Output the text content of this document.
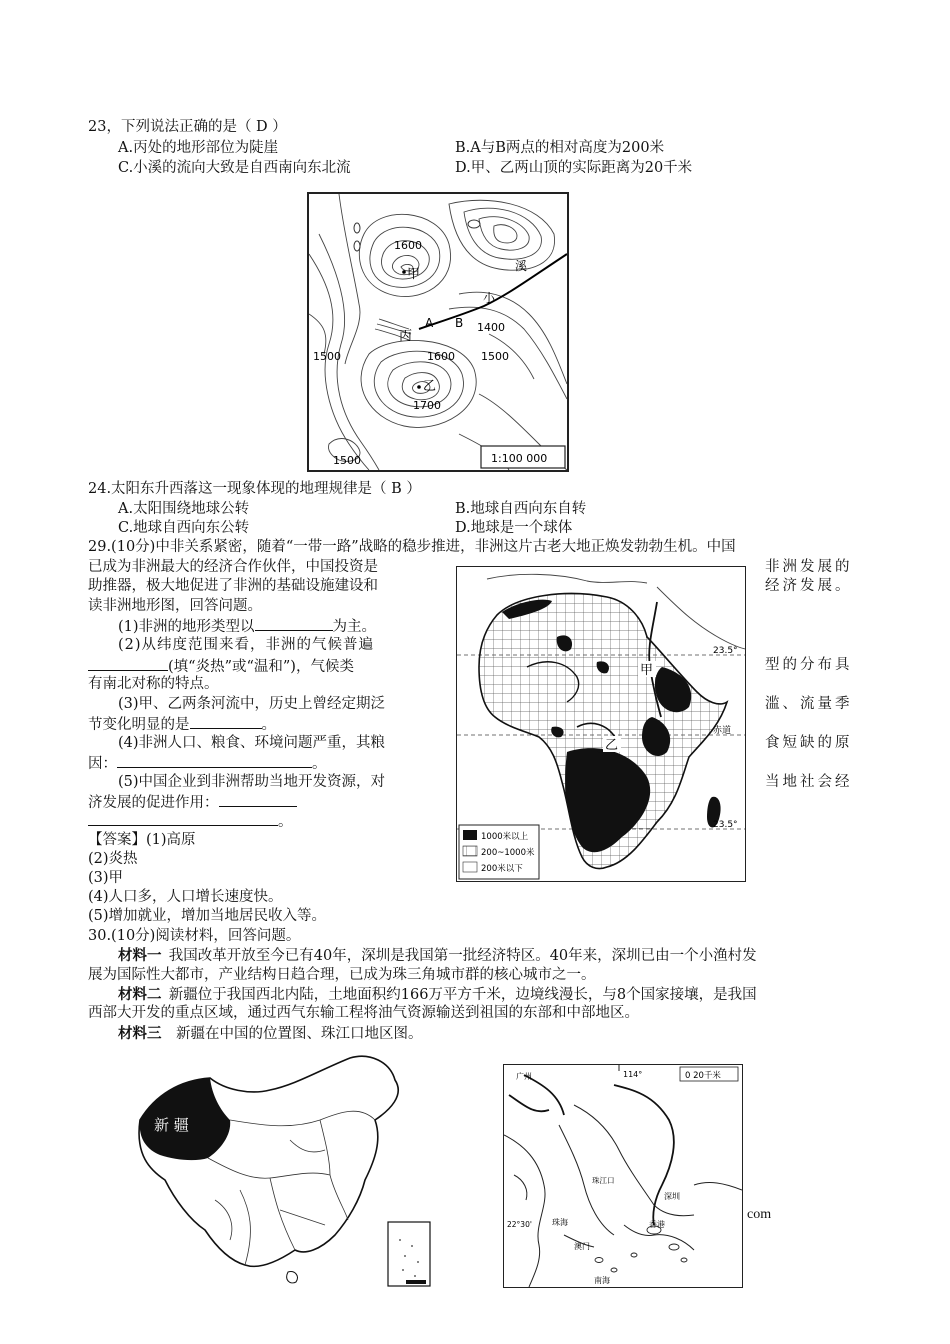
23，下列说法正确的是（ D ）
A.丙处的地形部位为陡崖	B.A与B两点的相对高度为200米
C.小溪的流向大致是自西南向东北流	D.甲、乙两山顶的实际距离为20千米
1600
甲
小
溪
A B 1400
丙
1500	1600 1500
乙
1700
1500	1:100 000
24.太阳东升西落这一现象体现的地理规律是（ B ）
A.太阳围绕地球公转	B.地球自西向东自转
C.地球自西向东公转	D.地球是一个球体
29.(10分)中非关系紧密，随着“一带一路”战略的稳步推进，非洲这片古老大地正焕发勃勃生机。中国
已成为非洲最大的经济合作伙伴，中国投资是	非洲发展的
助推器，极大地促进了非洲的基础设施建设和	经济发展。
读非洲地形图，回答问题。
(1)非洲的地形类型以	为主。
(2)从纬度范围来看，非洲的气候普遍
(填“炎热”或“温和”)，气候类	型的分布具
有南北对称的特点。
(3)甲、乙两条河流中，历史上曾经定期泛	滥、流量季
节变化明显的是	。
(4)非洲人口、粮食、环境问题严重，其粮	食短缺的原
因：	。
(5)中国企业到非洲帮助当地开发资源，对	当地社会经
济发展的促进作用：
。
【答案】(1)高原
(2)炎热
(3)甲
(4)人口多，人口增长速度快。
(5)增加就业，增加当地居民收入等。
甲
乙
23.5°
赤道
23.5°
1000米以上
200~1000米
200米以下
30.(10分)阅读材料，回答问题。
材料一  我国改革开放至今已有40年，深圳是我国第一批经济特区。40年来，深圳已由一个小渔村发
展为国际性大都市，产业结构日趋合理，已成为珠三角城市群的核心城市之一。
材料二  新疆位于我国西北内陆，土地面积约166万平方千米，边境线漫长，与8个国家接壤，是我国
西部大开发的重点区域，通过西气东输工程将油气资源输送到祖国的东部和中部地区。
材料三   新疆在中国的位置图、珠江口地区图。
新 疆
0 20千米
广州	114°
珠江口
深圳
22°30'	珠海
澳门
香港
南海
com
